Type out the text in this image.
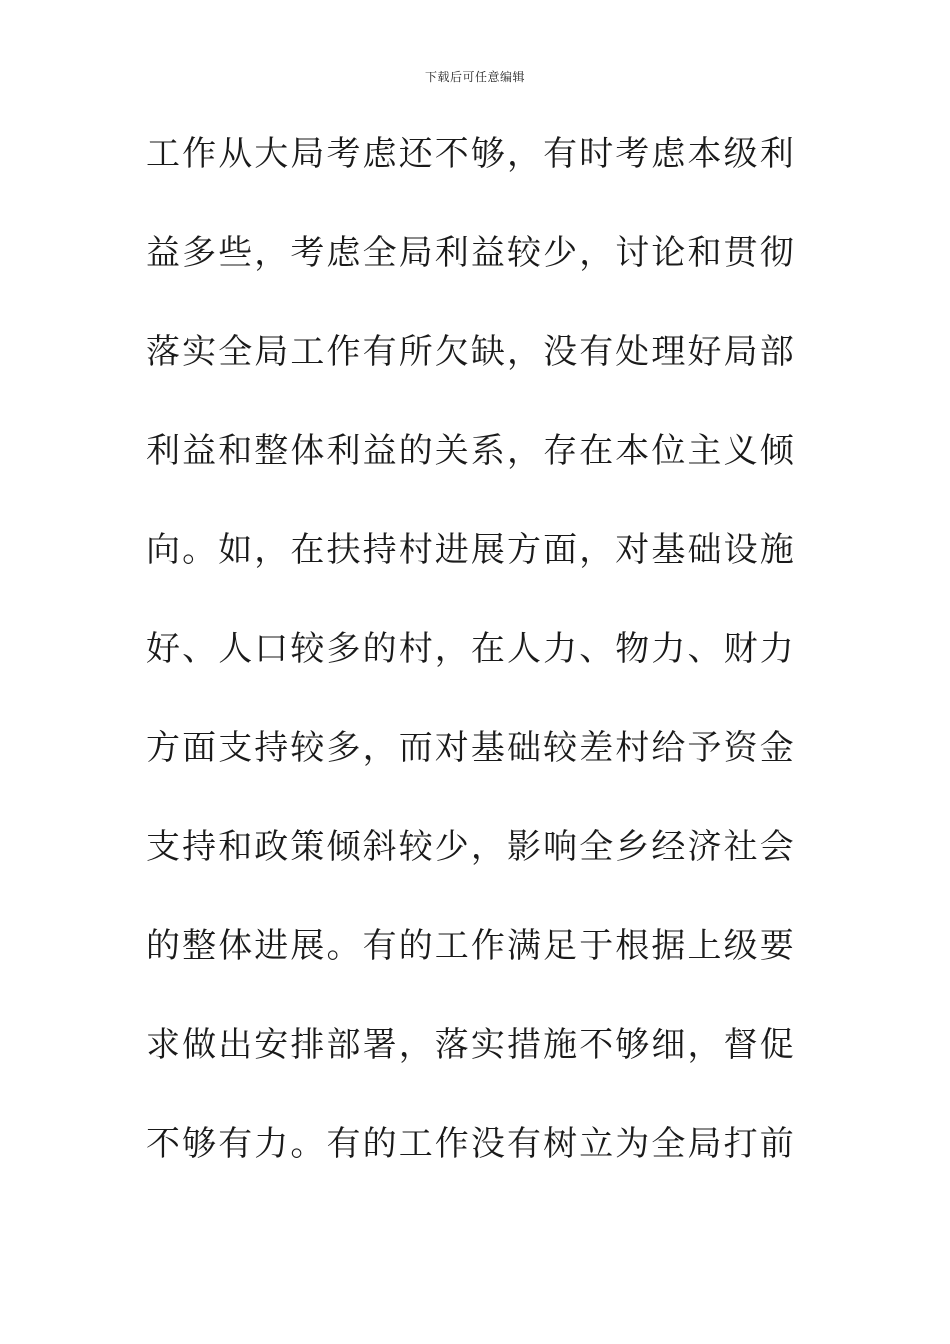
下载后可任意编辑
工作从大局考虑还不够，有时考虑本级利
益多些，考虑全局利益较少，讨论和贯彻
落实全局工作有所欠缺，没有处理好局部
利益和整体利益的关系，存在本位主义倾
向。如，在扶持村进展方面，对基础设施
好、人口较多的村，在人力、物力、财力
方面支持较多，而对基础较差村给予资金
支持和政策倾斜较少，影响全乡经济社会
的整体进展。有的工作满足于根据上级要
求做出安排部署，落实措施不够细，督促
不够有力。有的工作没有树立为全局打前
